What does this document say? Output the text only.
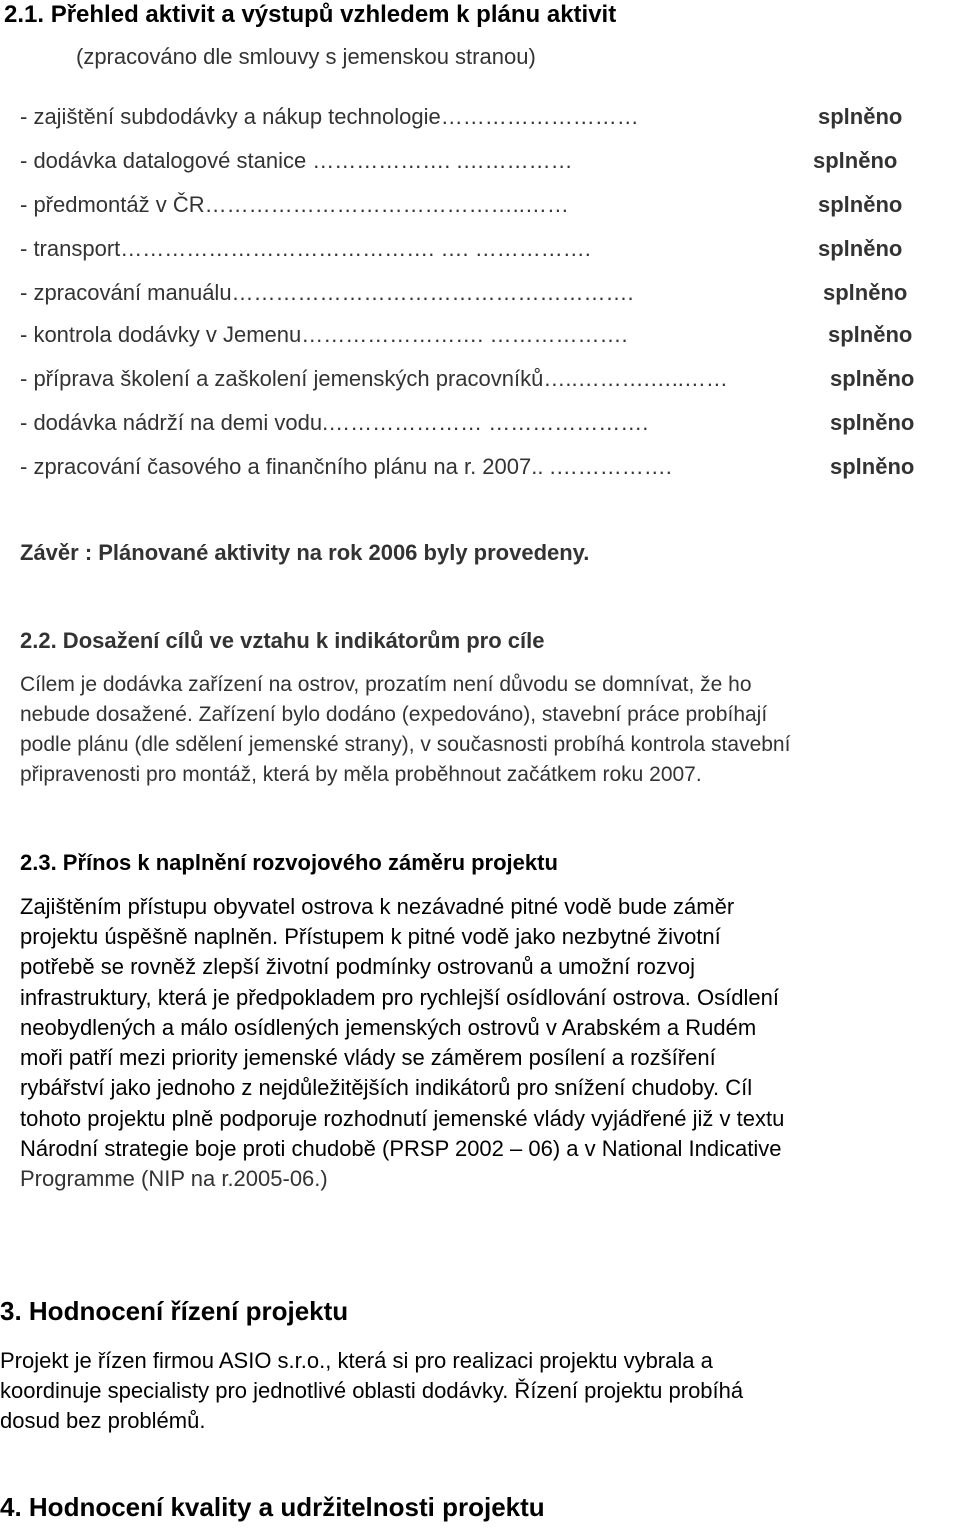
2.1. Přehled aktivit a výstupů vzhledem k plánu aktivit
(zpracováno dle smlouvy s jemenskou stranou)
- zajištění subdodávky a nákup technologie………………………	splněno
- dodávka datalogové stanice ………………. .……………	splněno
- předmontáž v ČR……………………………………..……	splněno
- transport……………………………………. …. …………….	splněno
- zpracování manuálu……………………………………………….	splněno
- kontrola dodávky v Jemenu……………………. ……………….	splněno
- příprava školení a zaškolení jemenských pracovníků…..……….…..……	splněno
- dodávka nádrží na demi vodu.………………… ………………….	splněno
- zpracování časového a finančního plánu na r. 2007.. .…………….	splněno
Závěr : Plánované aktivity na rok 2006 byly provedeny.
2.2. Dosažení cílů ve vztahu k indikátorům pro cíle
Cílem je dodávka zařízení na ostrov, prozatím není důvodu se domnívat, že ho
nebude dosažené. Zařízení bylo dodáno (expedováno), stavební práce probíhají
podle plánu (dle sdělení jemenské strany), v současnosti probíhá kontrola stavební
připravenosti pro montáž, která by měla proběhnout začátkem roku 2007.
2.3. Přínos k naplnění rozvojového záměru projektu
Zajištěním přístupu obyvatel ostrova k nezávadné pitné vodě bude záměr
projektu úspěšně naplněn. Přístupem k pitné vodě jako nezbytné životní
potřebě se rovněž zlepší životní podmínky ostrovanů a umožní rozvoj
infrastruktury, která je předpokladem pro rychlejší osídlování ostrova. Osídlení
neobydlených a málo osídlených jemenských ostrovů v Arabském a Rudém
moři patří mezi priority jemenské vlády se záměrem posílení a rozšíření
rybářství jako jednoho z nejdůležitějších indikátorů pro snížení chudoby. Cíl
tohoto projektu plně podporuje rozhodnutí jemenské vlády vyjádřené již v textu
Národní strategie boje proti chudobě (PRSP 2002 – 06) a v National Indicative
Programme (NIP na r.2005-06.)
3. Hodnocení řízení projektu
Projekt je řízen firmou ASIO s.r.o., která si pro realizaci projektu vybrala a
koordinuje specialisty pro jednotlivé oblasti dodávky. Řízení projektu probíhá
dosud bez problémů.
4. Hodnocení kvality a udržitelnosti projektu
